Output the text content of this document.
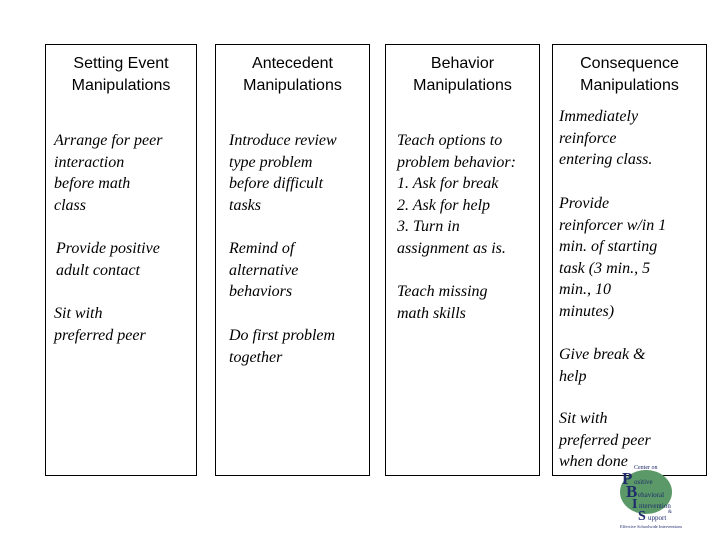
Setting Event
Manipulations
Arrange for peer
interaction
before math
class
Provide positive
adult contact
Sit with
preferred peer
Antecedent
Manipulations
Introduce review
type problem
before difficult
tasks
Remind of
alternative
behaviors
Do first problem
together
Behavior
Manipulations
Teach options to
problem behavior:
1. Ask for break
2. Ask for help
3. Turn in
assignment as is.
Teach missing
math skills
Consequence
Manipulations
Immediately
reinforce
entering class.
Provide
reinforcer w/in 1
min. of starting
task (3 min., 5
min., 10
minutes)
Give break &
help
Sit with
preferred peer
when done	Center on
P ositive
B ehavioral
I ntervention
&
S upport
Effective Schoolwide Interventions
